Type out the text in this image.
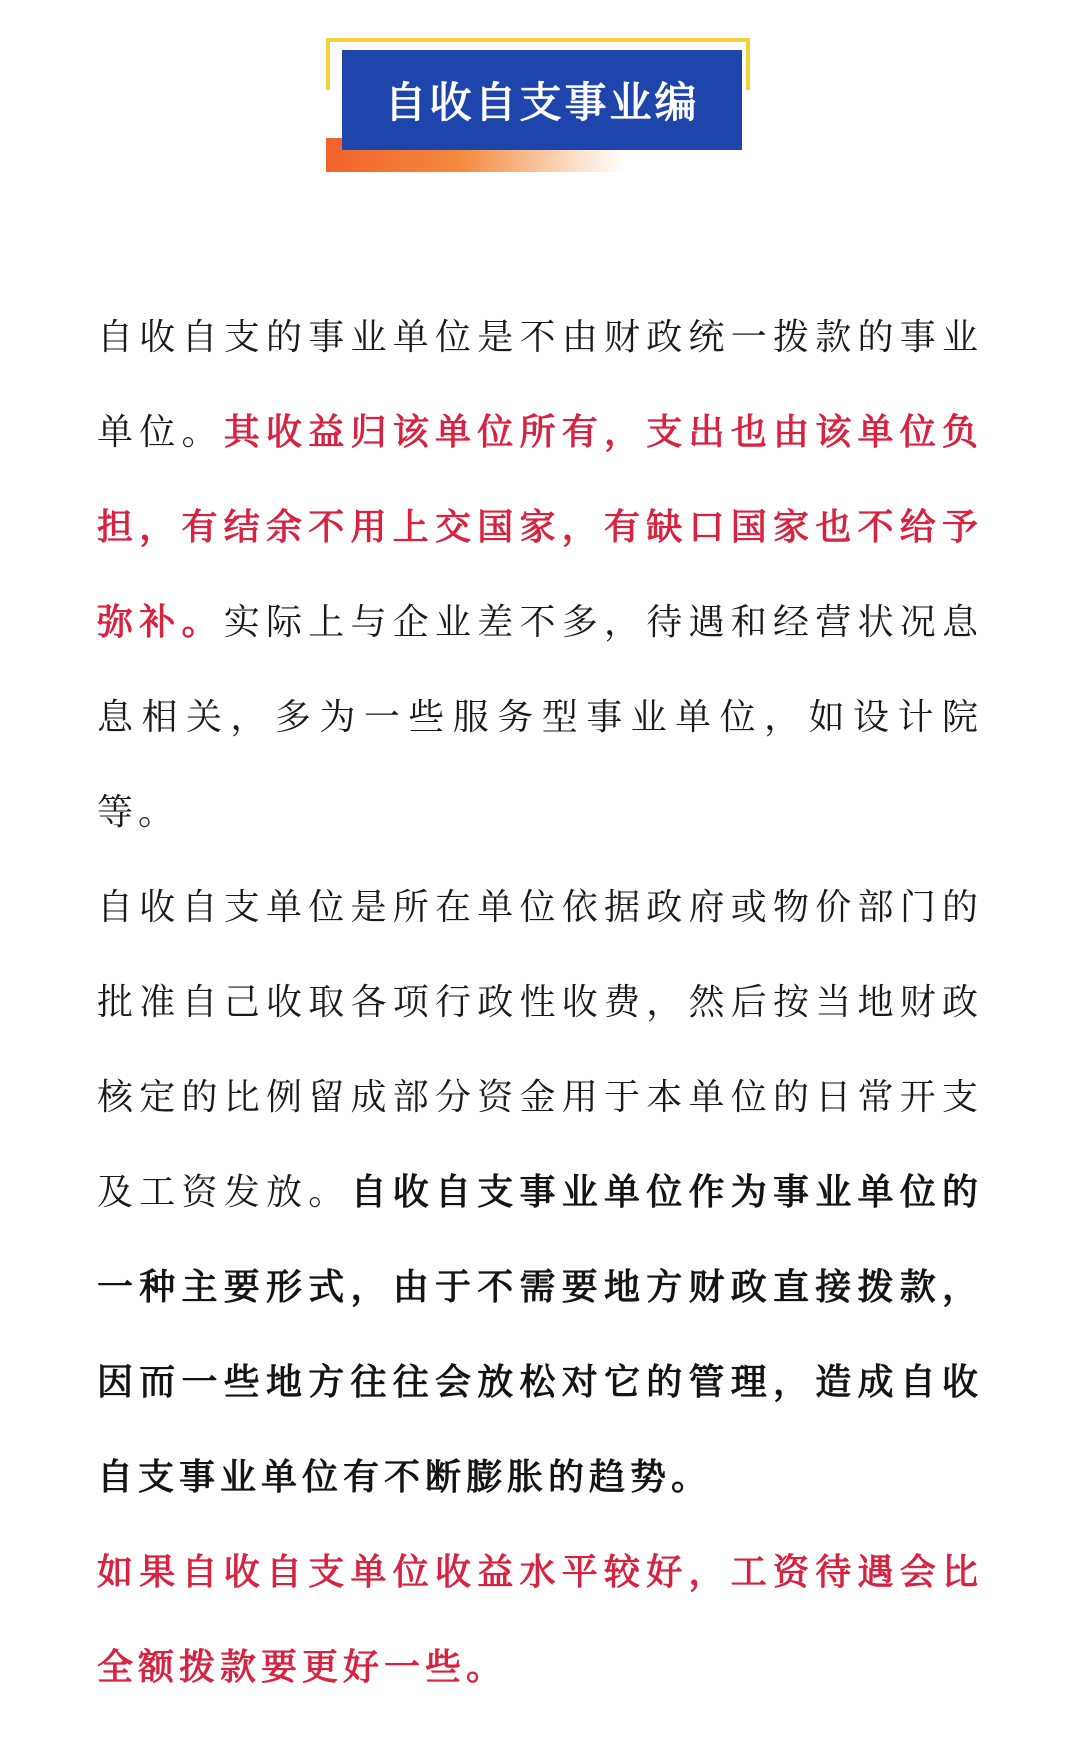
自收自支事业编

自收自支的事业单位是不由财政统一拨款的事业单位。其收益归该单位所有，支出也由该单位负担，有结余不用上交国家，有缺口国家也不给予弥补。实际上与企业差不多，待遇和经营状况息息相关，多为一些服务型事业单位，如设计院等。

自收自支单位是所在单位依据政府或物价部门的批准自己收取各项行政性收费，然后按当地财政核定的比例留成部分资金用于本单位的日常开支及工资发放。自收自支事业单位作为事业单位的一种主要形式，由于不需要地方财政直接拨款，因而一些地方往往会放松对它的管理，造成自收自支事业单位有不断膨胀的趋势。

如果自收自支单位收益水平较好，工资待遇会比全额拨款要更好一些。
